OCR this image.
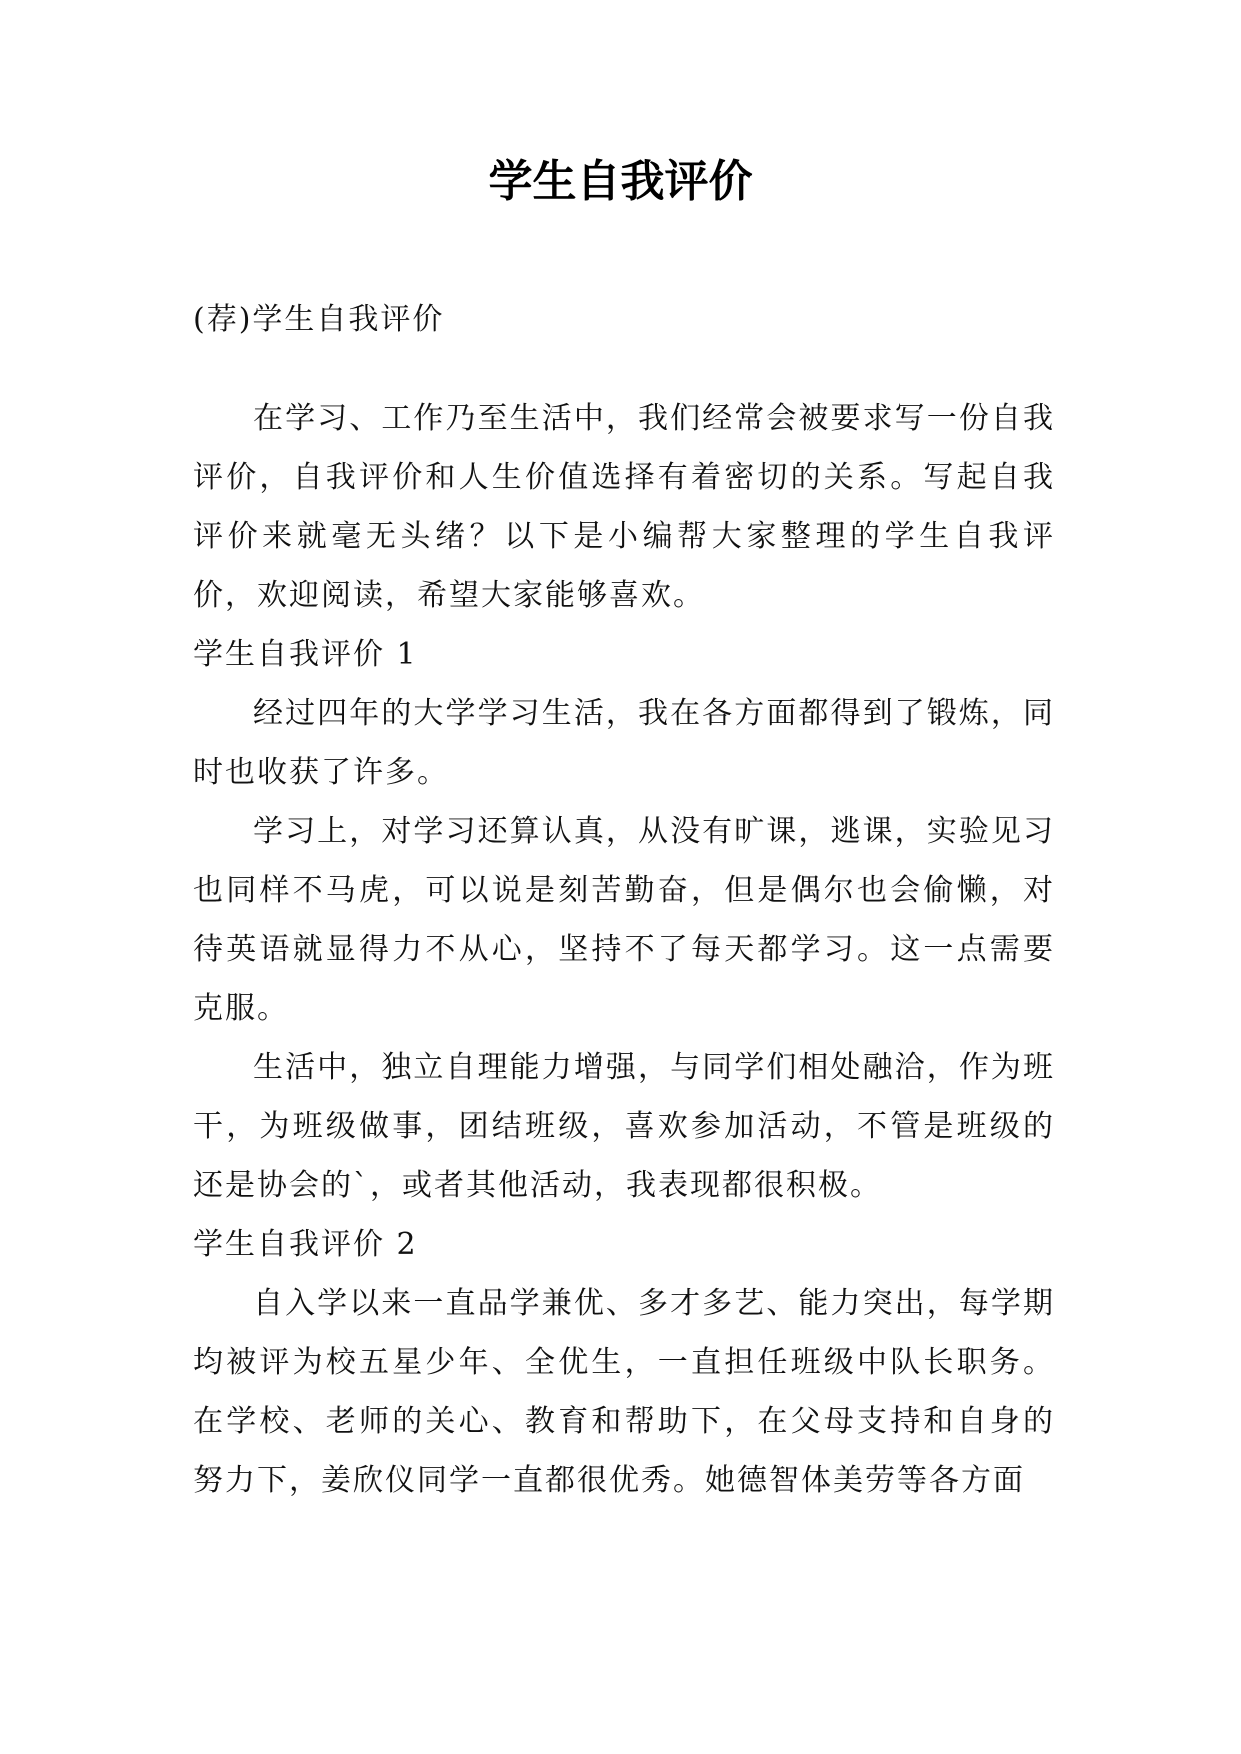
学生自我评价

(荐)学生自我评价

在学习、工作乃至生活中，我们经常会被要求写一份自我评价，自我评价和人生价值选择有着密切的关系。写起自我评价来就毫无头绪？以下是小编帮大家整理的学生自我评价，欢迎阅读，希望大家能够喜欢。

学生自我评价 1

经过四年的大学学习生活，我在各方面都得到了锻炼，同时也收获了许多。

学习上，对学习还算认真，从没有旷课，逃课，实验见习也同样不马虎，可以说是刻苦勤奋，但是偶尔也会偷懒，对待英语就显得力不从心，坚持不了每天都学习。这一点需要克服。

生活中，独立自理能力增强，与同学们相处融洽，作为班干，为班级做事，团结班级，喜欢参加活动，不管是班级的还是协会的`，或者其他活动，我表现都很积极。

学生自我评价 2

自入学以来一直品学兼优、多才多艺、能力突出，每学期均被评为校五星少年、全优生，一直担任班级中队长职务。在学校、老师的关心、教育和帮助下，在父母支持和自身的努力下，姜欣仪同学一直都很优秀。她德智体美劳等各方面
